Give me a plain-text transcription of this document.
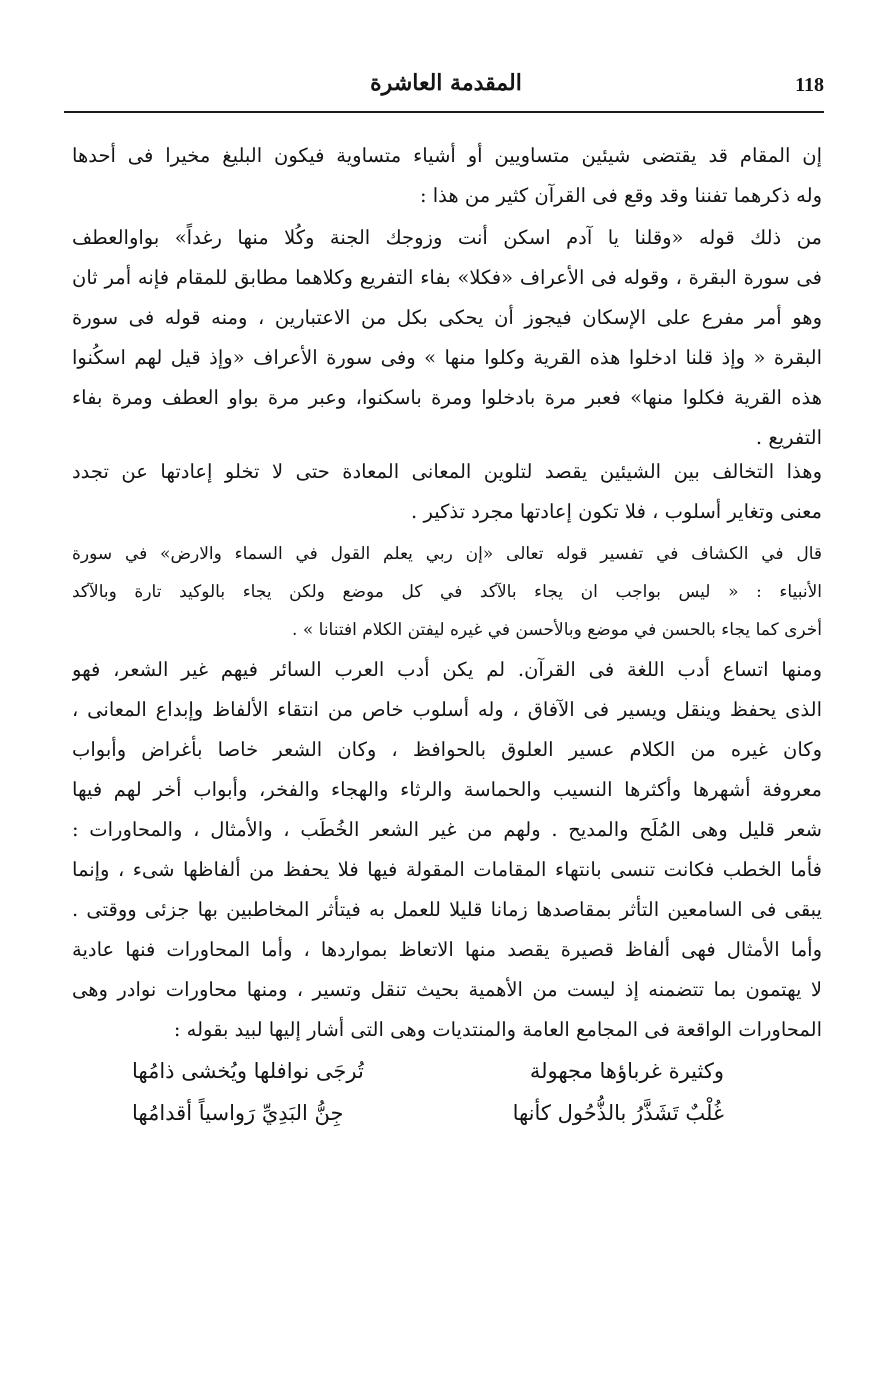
118
المقدمة العاشرة
إن المقام قد يقتضى شيئين متساويين أو أشياء متساوية فيكون البليغ مخيرا فى أحدها
وله ذكرهما تفننا وقد وقع فى القرآن كثير من هذا :
من ذلك قوله «وقلنا يا آدم اسكن أنت وزوجك الجنة وكُلا منها رغداً» بواوالعطف
فى سورة البقرة ، وقوله فى الأعراف «فكلا» بفاء التفريع وكلاهما مطابق للمقام فإنه أمر ثان
وهو أمر مفرع على الإسكان فيجوز أن يحكى بكل من الاعتبارين ، ومنه قوله فى سورة
البقرة « وإذ قلنا ادخلوا هذه القرية وكلوا منها » وفى سورة الأعراف «وإذ قيل لهم اسكُنوا
هذه القرية فكلوا منها» فعبر مرة بادخلوا ومرة باسكنوا، وعبر مرة بواو العطف ومرة بفاء
التفريع .
وهذا التخالف بين الشيئين يقصد لتلوين المعانى المعادة حتى لا تخلو إعادتها عن تجدد
معنى وتغاير أسلوب ، فلا تكون إعادتها مجرد تذكير .
قال في الكشاف في تفسير قوله تعالى «إن ربي يعلم القول في السماء والارض» في سورة
الأنبياء : « ليس بواجب ان يجاء بالآكد في كل موضع ولكن يجاء بالوكيد تارة وبالآكد
أخرى كما يجاء بالحسن في موضع وبالأحسن في غيره ليفتن الكلام افتنانا » .
ومنها اتساع أدب اللغة فى القرآن. لم يكن أدب العرب السائر فيهم غير الشعر، فهو
الذى يحفظ وينقل ويسير فى الآفاق ، وله أسلوب خاص من انتقاء الألفاظ وإبداع المعانى ،
وكان غيره من الكلام عسير العلوق بالحوافظ ، وكان الشعر خاصا بأغراض وأبواب
معروفة أشهرها وأكثرها النسيب والحماسة والرثاء والهجاء والفخر، وأبواب أخر لهم فيها
شعر قليل وهى المُلَح والمديح . ولهم من غير الشعر الخُطَب ، والأمثال ، والمحاورات :
فأما الخطب فكانت تنسى بانتهاء المقامات المقولة فيها فلا يحفظ من ألفاظها شىء ، وإنما
يبقى فى السامعين التأثر بمقاصدها زمانا قليلا للعمل به فيتأثر المخاطبين بها جزئى ووقتى .
وأما الأمثال فهى ألفاظ قصيرة يقصد منها الاتعاظ بمواردها ، وأما المحاورات فنها عادية
لا يهتمون بما تتضمنه إذ ليست من الأهمية بحيث تنقل وتسير ، ومنها محاورات نوادر وهى
المحاورات الواقعة فى المجامع العامة والمنتديات وهى التى أشار إليها لبيد بقوله :
وكثيرة غرباؤها مجهولة
تُرجَى نوافلها ويُخشى ذامُها
غُلْبٌ تَشَذَّرُ بالذُّحُول كأنها
جِنُّ البَدِيِّ رَواسياً أقدامُها
